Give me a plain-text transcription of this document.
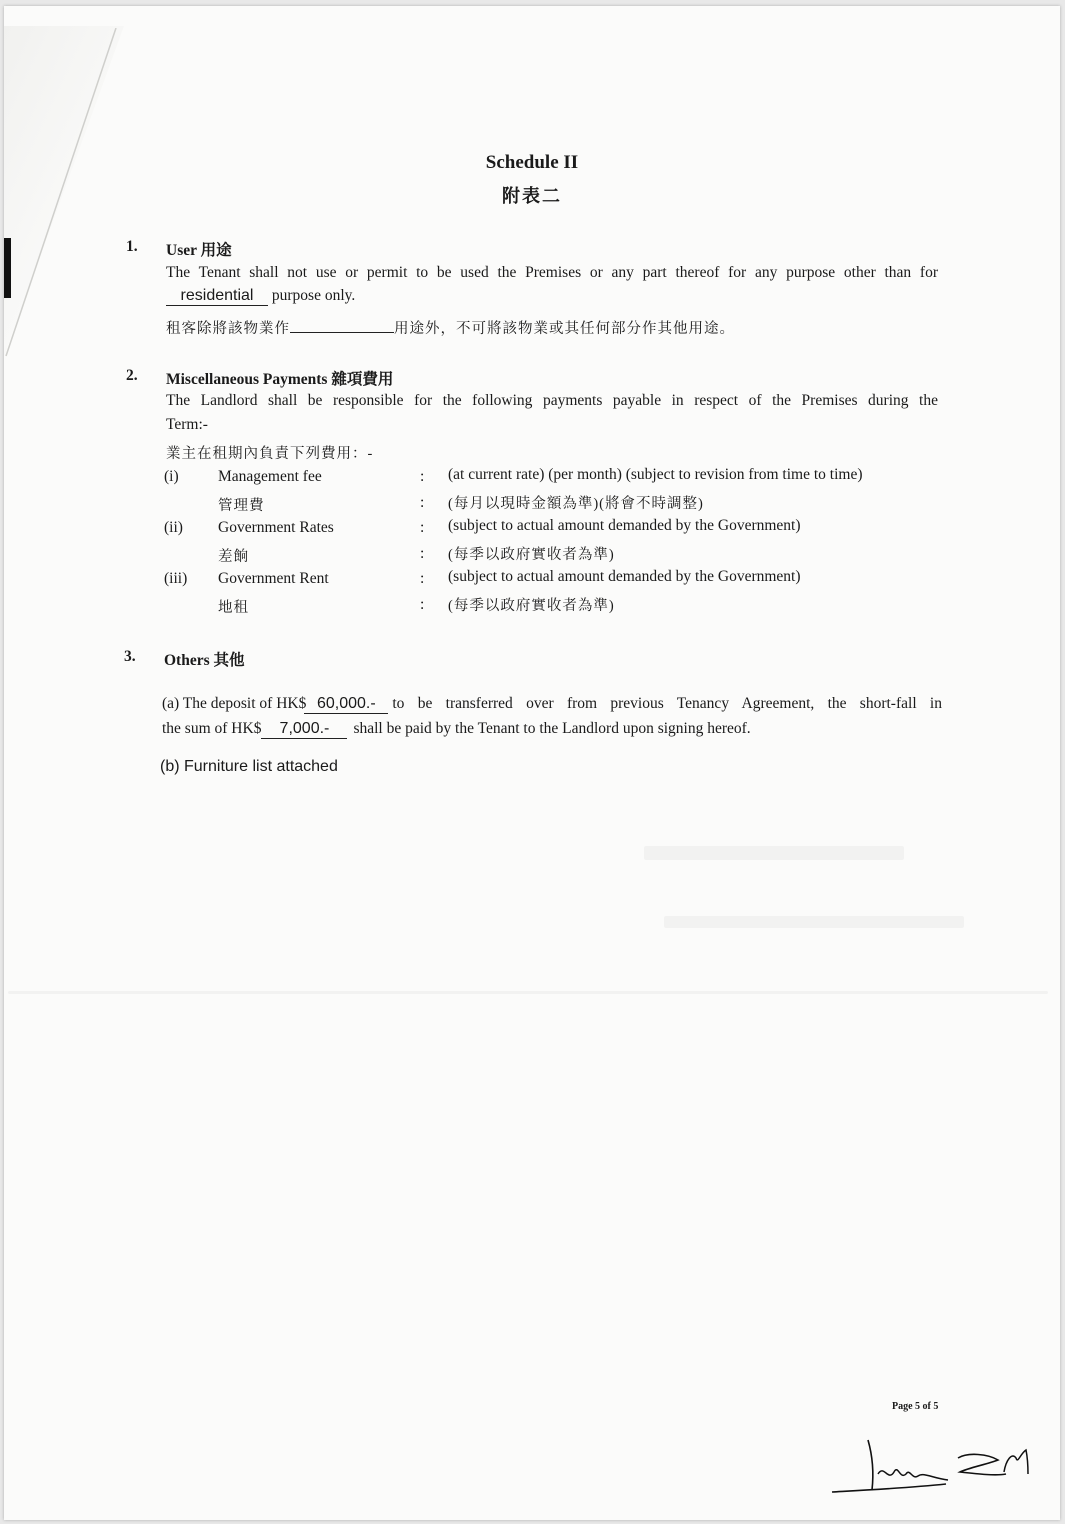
Schedule II
附表二
1. User 用途
The Tenant shall not use or permit to be used the Premises or any part thereof for any purpose other than for
residential purpose only.
租客除將該物業作	用途外，不可將該物業或其任何部分作其他用途。
2. Miscellaneous Payments 雜項費用
The Landlord shall be responsible for the following payments payable in respect of the Premises during the
Term:-
業主在租期內負責下列費用：-
(i)	Management fee	: (at current rate) (per month) (subject to revision from time to time)
管理費	: (每月以現時金額為準)(將會不時調整)
(ii) Government Rates	: (subject to actual amount demanded by the Government)
差餉	: (每季以政府實收者為準)
(iii) Government Rent	: (subject to actual amount demanded by the Government)
地租	: (每季以政府實收者為準)
3. Others 其他
(a) The deposit of HK$ 60,000.-	to be transferred over from previous Tenancy Agreement, the short-fall in
the sum of HK$ 7,000.- shall be paid by the Tenant to the Landlord upon signing hereof.
(b) Furniture list attached
Page 5 of 5
